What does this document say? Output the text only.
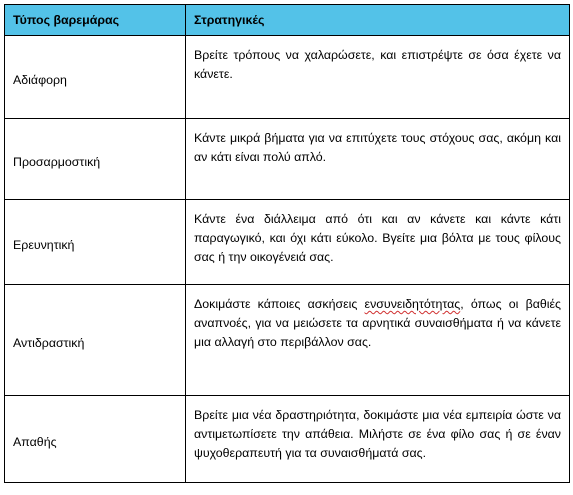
Τύπος βαρεμάρας	Στρατηγικές
Αδιάφορη	Βρείτε τρόπους να χαλαρώσετε, και επιστρέψτε σε όσα έχετε να κάνετε.
Προσαρμοστική	Κάντε μικρά βήματα για να επιτύχετε τους στόχους σας, ακόμη και αν κάτι είναι πολύ απλό.
Ερευνητική	Κάντε ένα διάλλειμα από ότι και αν κάνετε και κάντε κάτι παραγωγικό, και όχι κάτι εύκολο. Βγείτε μια βόλτα με τους φίλους σας ή την οικογένειά σας.
Αντιδραστική	Δοκιμάστε κάποιες ασκήσεις ενσυνειδητότητας, όπως οι βαθιές αναπνοές, για να μειώσετε τα αρνητικά συναισθήματα ή να κάνετε μια αλλαγή στο περιβάλλον σας.
Απαθής	Βρείτε μια νέα δραστηριότητα, δοκιμάστε μια νέα εμπειρία ώστε να αντιμετωπίσετε την απάθεια. Μιλήστε σε ένα φίλο σας ή σε έναν ψυχοθεραπευτή για τα συναισθήματά σας.
